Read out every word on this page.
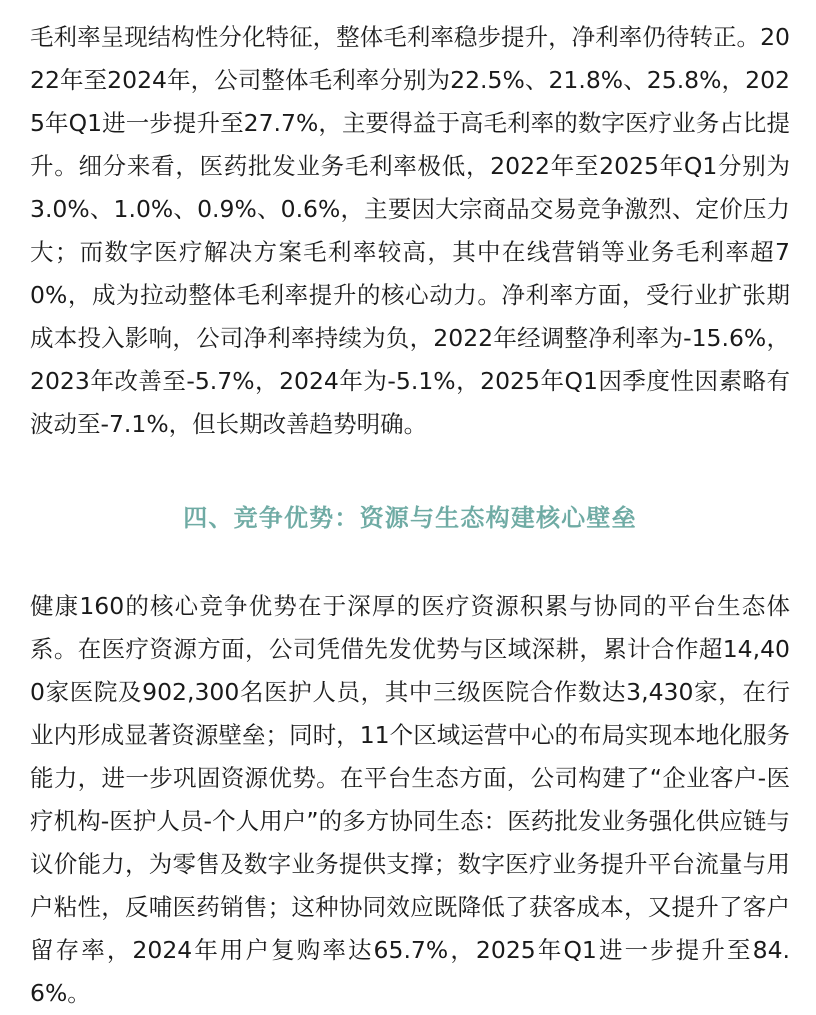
毛利率呈现结构性分化特征，整体毛利率稳步提升，净利率仍待转正。2022年至2024年，公司整体毛利率分别为22.5%、21.8%、25.8%，2025年Q1进一步提升至27.7%，主要得益于高毛利率的数字医疗业务占比提升。细分来看，医药批发业务毛利率极低，2022年至2025年Q1分别为3.0%、1.0%、0.9%、0.6%，主要因大宗商品交易竞争激烈、定价压力大；而数字医疗解决方案毛利率较高，其中在线营销等业务毛利率超70%，成为拉动整体毛利率提升的核心动力。净利率方面，受行业扩张期成本投入影响，公司净利率持续为负，2022年经调整净利率为-15.6%，2023年改善至-5.7%，2024年为-5.1%，2025年Q1因季度性因素略有波动至-7.1%，但长期改善趋势明确。

四、竞争优势：资源与生态构建核心壁垒

健康160的核心竞争优势在于深厚的医疗资源积累与协同的平台生态体系。在医疗资源方面，公司凭借先发优势与区域深耕，累计合作超14,400家医院及902,300名医护人员，其中三级医院合作数达3,430家，在行业内形成显著资源壁垒；同时，11个区域运营中心的布局实现本地化服务能力，进一步巩固资源优势。在平台生态方面，公司构建了“企业客户-医疗机构-医护人员-个人用户”的多方协同生态：医药批发业务强化供应链与议价能力，为零售及数字业务提供支撑；数字医疗业务提升平台流量与用户粘性，反哺医药销售；这种协同效应既降低了获客成本，又提升了客户留存率，2024年用户复购率达65.7%，2025年Q1进一步提升至84.6%。
